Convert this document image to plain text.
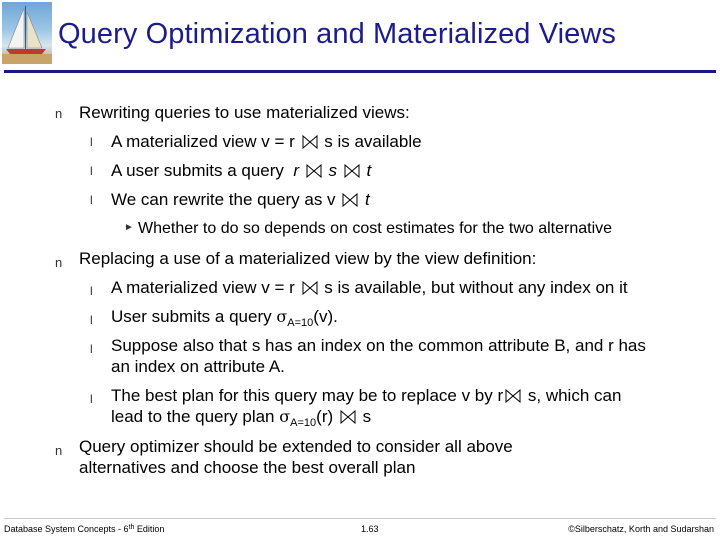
Query Optimization and Materialized Views
n Rewriting queries to use materialized views:
l A materialized view v = r s is available
l A user submits a query r s t
l We can rewrite the query as v t
► Whether to do so depends on cost estimates for the two alternative
n Replacing a use of a materialized view by the view definition:
l A materialized view v = r s is available, but without any index on it
l User submits a query $\sigma_{A=10}(v)$.
l Suppose also that s has an index on the common attribute B, and r has
an index on attribute A.
l The best plan for this query may be to replace v by r s, which can
lead to the query plan $\sigma_{A=10}(r)$ s
n Query optimizer should be extended to consider all above
alternatives and choose the best overall plan
Database System Concepts - 6th Edition	1.63	©Silberschatz, Korth and Sudarshan
